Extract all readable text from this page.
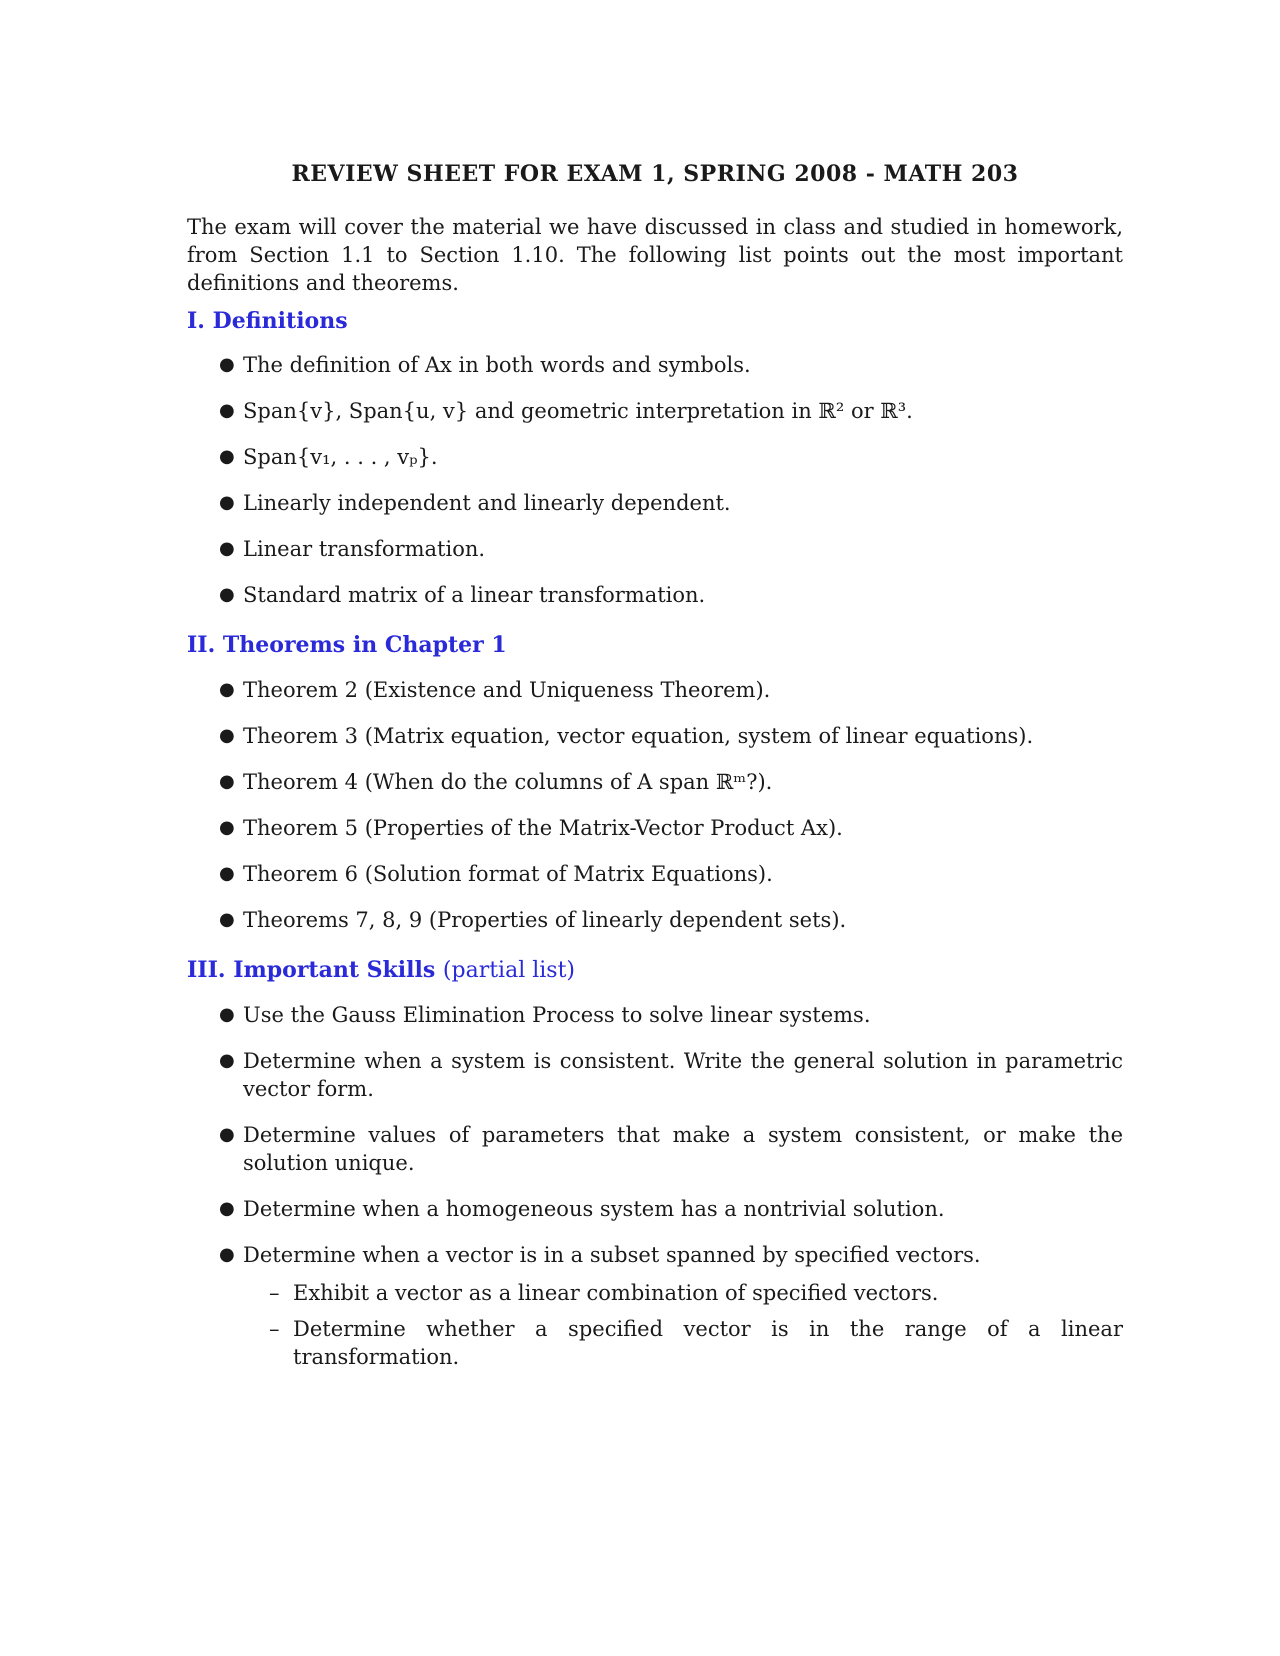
REVIEW SHEET FOR EXAM 1, SPRING 2008 - MATH 203

The exam will cover the material we have discussed in class and studied in homework, from Section 1.1 to Section 1.10. The following list points out the most important definitions and theorems.

I. Definitions
● The definition of Ax in both words and symbols.
● Span{v}, Span{u, v} and geometric interpretation in ℝ² or ℝ³.
● Span{v₁, . . . , vₚ}.
● Linearly independent and linearly dependent.
● Linear transformation.
● Standard matrix of a linear transformation.
II. Theorems in Chapter 1
● Theorem 2 (Existence and Uniqueness Theorem).
● Theorem 3 (Matrix equation, vector equation, system of linear equations).
● Theorem 4 (When do the columns of A span ℝᵐ?).
● Theorem 5 (Properties of the Matrix-Vector Product Ax).
● Theorem 6 (Solution format of Matrix Equations).
● Theorems 7, 8, 9 (Properties of linearly dependent sets).
III. Important Skills (partial list)
● Use the Gauss Elimination Process to solve linear systems.
● Determine when a system is consistent. Write the general solution in parametric vector form.
● Determine values of parameters that make a system consistent, or make the solution unique.
● Determine when a homogeneous system has a nontrivial solution.
● Determine when a vector is in a subset spanned by specified vectors.
– Exhibit a vector as a linear combination of specified vectors.
– Determine whether a specified vector is in the range of a linear transformation.
